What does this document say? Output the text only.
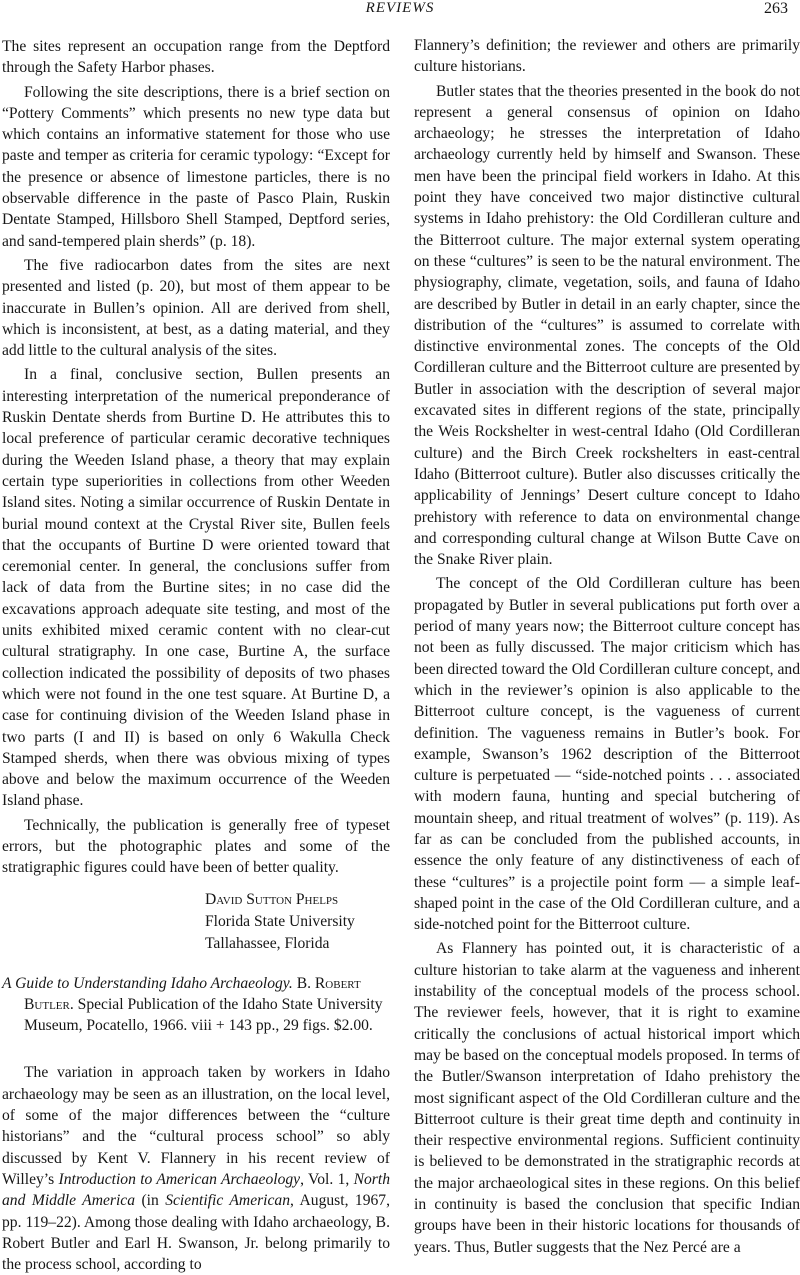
REVIEWS	263

The sites represent an occupation range from the Deptford through the Safety Harbor phases.

Following the site descriptions, there is a brief section on “Pottery Comments” which presents no new type data but which contains an informative statement for those who use paste and temper as criteria for ceramic typology: “Except for the presence or absence of limestone particles, there is no observable difference in the paste of Pasco Plain, Ruskin Dentate Stamped, Hillsboro Shell Stamped, Deptford series, and sand-tempered plain sherds” (p. 18).

The five radiocarbon dates from the sites are next presented and listed (p. 20), but most of them appear to be inaccurate in Bullen’s opinion. All are derived from shell, which is inconsistent, at best, as a dating material, and they add little to the cultural analysis of the sites.

In a final, conclusive section, Bullen presents an interesting interpretation of the numerical preponderance of Ruskin Dentate sherds from Burtine D. He attributes this to local preference of particular ceramic decorative techniques during the Weeden Island phase, a theory that may explain certain type superiorities in collections from other Weeden Island sites. Noting a similar occurrence of Ruskin Dentate in burial mound context at the Crystal River site, Bullen feels that the occupants of Burtine D were oriented toward that ceremonial center. In general, the conclusions suffer from lack of data from the Burtine sites; in no case did the excavations approach adequate site testing, and most of the units exhibited mixed ceramic content with no clear-cut cultural stratigraphy. In one case, Burtine A, the surface collection indicated the possibility of deposits of two phases which were not found in the one test square. At Burtine D, a case for continuing division of the Weeden Island phase in two parts (I and II) is based on only 6 Wakulla Check Stamped sherds, when there was obvious mixing of types above and below the maximum occurrence of the Weeden Island phase.

Technically, the publication is generally free of typeset errors, but the photographic plates and some of the stratigraphic figures could have been of better quality.

David Sutton Phelps
Florida State University
Tallahassee, Florida
A Guide to Understanding Idaho Archaeology. B. Robert Butler. Special Publication of the Idaho State University Museum, Pocatello, 1966. viii + 143 pp., 29 figs. $2.00.

The variation in approach taken by workers in Idaho archaeology may be seen as an illustration, on the local level, of some of the major differences between the “culture historians” and the “cultural process school” so ably discussed by Kent V. Flannery in his recent review of Willey’s Introduction to American Archaeology, Vol. 1, North and Middle America (in Scientific American, August, 1967, pp. 119–22). Among those dealing with Idaho archaeology, B. Robert Butler and Earl H. Swanson, Jr. belong primarily to the process school, according to

Flannery’s definition; the reviewer and others are primarily culture historians.

Butler states that the theories presented in the book do not represent a general consensus of opinion on Idaho archaeology; he stresses the interpretation of Idaho archaeology currently held by himself and Swanson. These men have been the principal field workers in Idaho. At this point they have conceived two major distinctive cultural systems in Idaho prehistory: the Old Cordilleran culture and the Bitterroot culture. The major external system operating on these “cultures” is seen to be the natural environment. The physiography, climate, vegetation, soils, and fauna of Idaho are described by Butler in detail in an early chapter, since the distribution of the “cultures” is assumed to correlate with distinctive environmental zones. The concepts of the Old Cordilleran culture and the Bitterroot culture are presented by Butler in association with the description of several major excavated sites in different regions of the state, principally the Weis Rockshelter in west-central Idaho (Old Cordilleran culture) and the Birch Creek rockshelters in east-central Idaho (Bitterroot culture). Butler also discusses critically the applicability of Jennings’ Desert culture concept to Idaho prehistory with reference to data on environmental change and corresponding cultural change at Wilson Butte Cave on the Snake River plain.

The concept of the Old Cordilleran culture has been propagated by Butler in several publications put forth over a period of many years now; the Bitterroot culture concept has not been as fully discussed. The major criticism which has been directed toward the Old Cordilleran culture concept, and which in the reviewer’s opinion is also applicable to the Bitterroot culture concept, is the vagueness of current definition. The vagueness remains in Butler’s book. For example, Swanson’s 1962 description of the Bitterroot culture is perpetuated — “side-notched points . . . associated with modern fauna, hunting and special butchering of mountain sheep, and ritual treatment of wolves” (p. 119). As far as can be concluded from the published accounts, in essence the only feature of any distinctiveness of each of these “cultures” is a projectile point form — a simple leaf-shaped point in the case of the Old Cordilleran culture, and a side-notched point for the Bitterroot culture.

As Flannery has pointed out, it is characteristic of a culture historian to take alarm at the vagueness and inherent instability of the conceptual models of the process school. The reviewer feels, however, that it is right to examine critically the conclusions of actual historical import which may be based on the conceptual models proposed. In terms of the Butler/Swanson interpretation of Idaho prehistory the most significant aspect of the Old Cordilleran culture and the Bitterroot culture is their great time depth and continuity in their respective environmental regions. Sufficient continuity is believed to be demonstrated in the stratigraphic records at the major archaeological sites in these regions. On this belief in continuity is based the conclusion that specific Indian groups have been in their historic locations for thousands of years. Thus, Butler suggests that the Nez Percé are a
